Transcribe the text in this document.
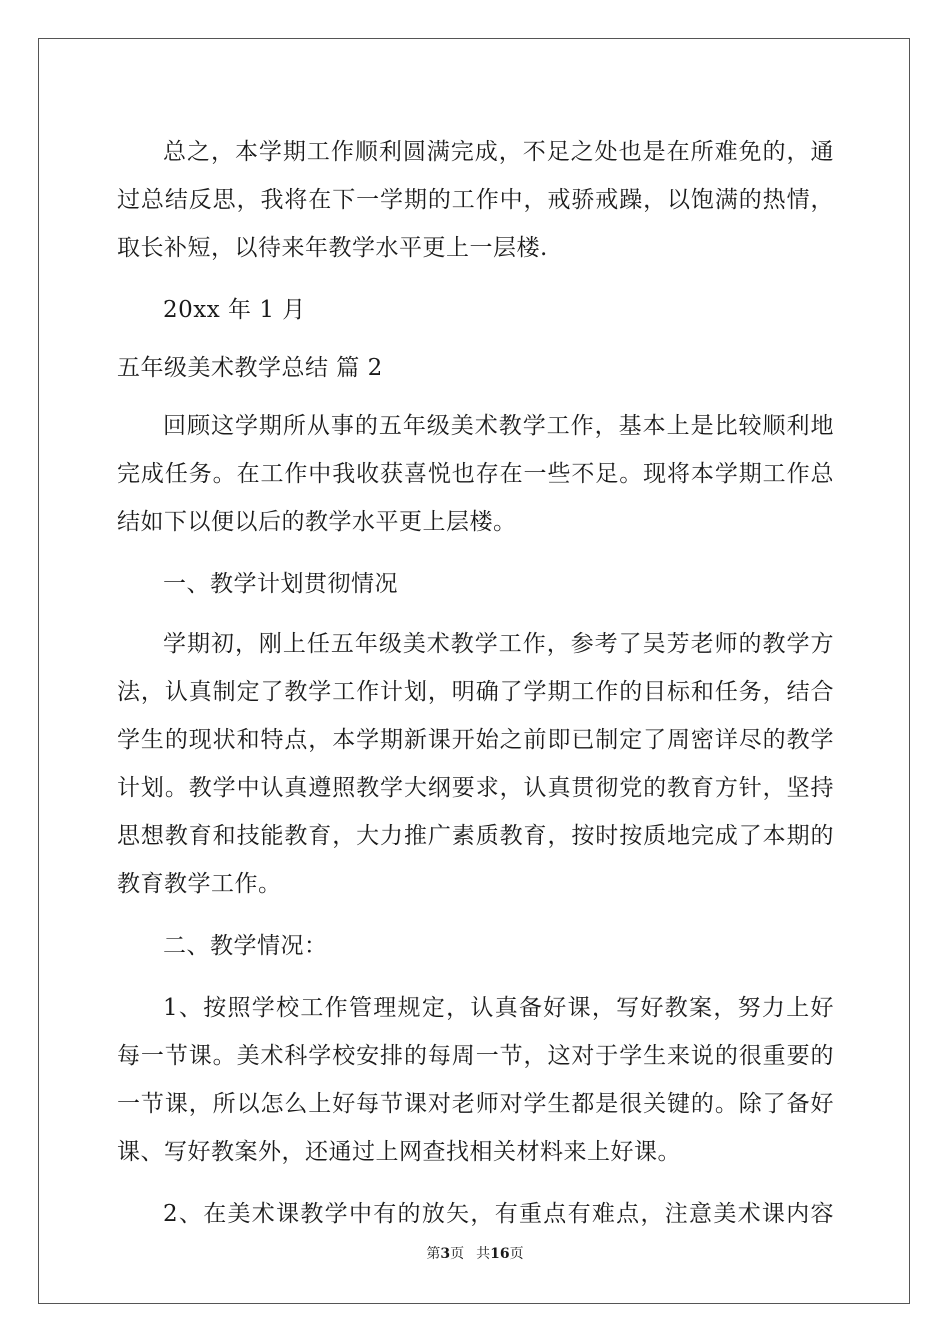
总之，本学期工作顺利圆满完成，不足之处也是在所难免的，通

过总结反思，我将在下一学期的工作中，戒骄戒躁，以饱满的热情，

取长补短，以待来年教学水平更上一层楼.

20xx 年 1 月

五年级美术教学总结 篇 2

回顾这学期所从事的五年级美术教学工作，基本上是比较顺利地

完成任务。在工作中我收获喜悦也存在一些不足。现将本学期工作总

结如下以便以后的教学水平更上层楼。

一、教学计划贯彻情况

学期初，刚上任五年级美术教学工作，参考了吴芳老师的教学方

法，认真制定了教学工作计划，明确了学期工作的目标和任务，结合

学生的现状和特点，本学期新课开始之前即已制定了周密详尽的教学

计划。教学中认真遵照教学大纲要求，认真贯彻党的教育方针，坚持

思想教育和技能教育，大力推广素质教育，按时按质地完成了本期的

教育教学工作。

二、教学情况：

1、按照学校工作管理规定，认真备好课，写好教案，努力上好

每一节课。美术科学校安排的每周一节，这对于学生来说的很重要的

一节课，所以怎么上好每节课对老师对学生都是很关键的。除了备好

课、写好教案外，还通过上网查找相关材料来上好课。

2、在美术课教学中有的放矢，有重点有难点，注意美术课内容

第3页 共16页
